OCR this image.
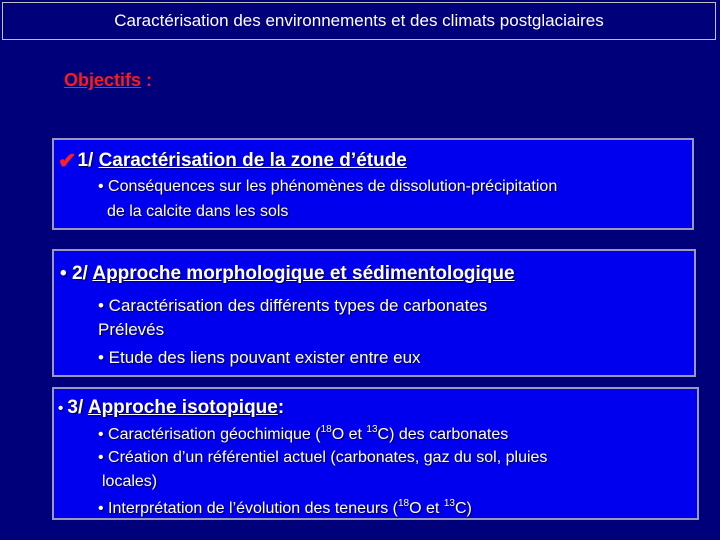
Caractérisation des environnements et des climats postglaciaires
Objectifs :
✔1/ Caractérisation de la zone d’étude
• Conséquences sur les phénomènes de dissolution-précipitation
de la calcite dans les sols
• 2/ Approche morphologique et sédimentologique
• Caractérisation des différents types de carbonates
Prélevés
• Etude des liens pouvant exister entre eux
• 3/ Approche isotopique:
• Caractérisation géochimique ($^{18}$O et $^{13}$C) des carbonates
• Création d’un référentiel actuel (carbonates, gaz du sol, pluies
locales)
• Interprétation de l’évolution des teneurs ($^{18}$O et $^{13}$C)
